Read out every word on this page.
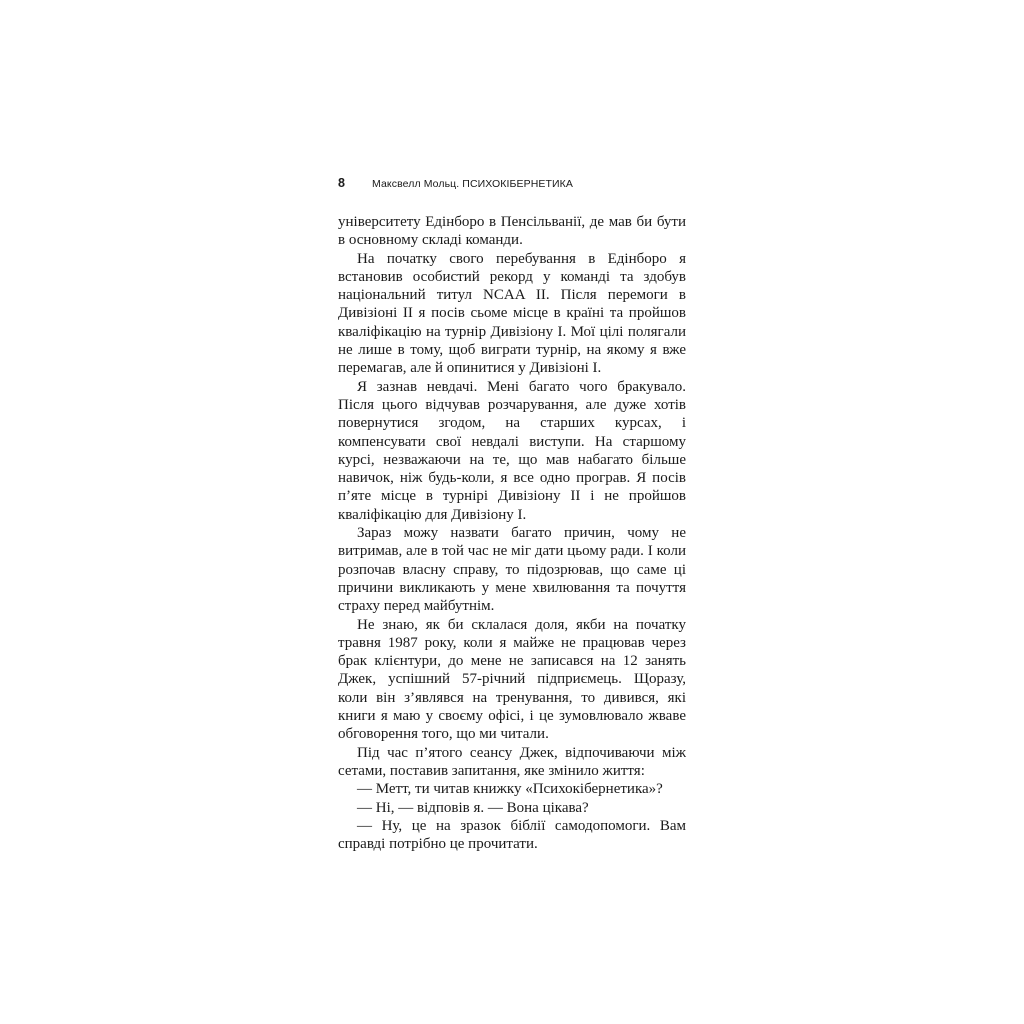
8	Максвелл Мольц. ПСИХОКІБЕРНЕТИКА

університету Едінборо в Пенсільванії, де мав би бути в основному складі команди.

На початку свого перебування в Едінборо я встановив особистий рекорд у команді та здобув національний титул NCAA II. Після перемоги в Дивізіоні II я посів сьоме місце в країні та пройшов кваліфікацію на турнір Дивізіону I. Мої цілі полягали не лише в тому, щоб виграти турнір, на якому я вже перемагав, але й опинитися у Дивізіоні I.

Я зазнав невдачі. Мені багато чого бракувало. Після цього відчував розчарування, але дуже хотів повернутися згодом, на старших курсах, і компенсувати свої невдалі виступи. На старшому курсі, незважаючи на те, що мав набагато більше навичок, ніж будь-коли, я все одно програв. Я посів п’яте місце в турнірі Дивізіону II і не пройшов кваліфікацію для Дивізіону I.

Зараз можу назвати багато причин, чому не витримав, але в той час не міг дати цьому ради. І коли розпочав власну справу, то підозрював, що саме ці причини викликають у мене хвилювання та почуття страху перед майбутнім.

Не знаю, як би склалася доля, якби на початку травня 1987 року, коли я майже не працював через брак клієнтури, до мене не записався на 12 занять Джек, успішний 57-річний підприємець. Щоразу, коли він з’являвся на тренування, то дивився, які книги я маю у своєму офісі, і це зумовлювало жваве обговорення того, що ми читали.

Під час п’ятого сеансу Джек, відпочиваючи між сетами, поставив запитання, яке змінило життя:

— Метт, ти читав книжку «Психокібернетика»?

— Ні, — відповів я. — Вона цікава?

— Ну, це на зразок біблії самодопомоги. Вам справді потрібно це прочитати.
